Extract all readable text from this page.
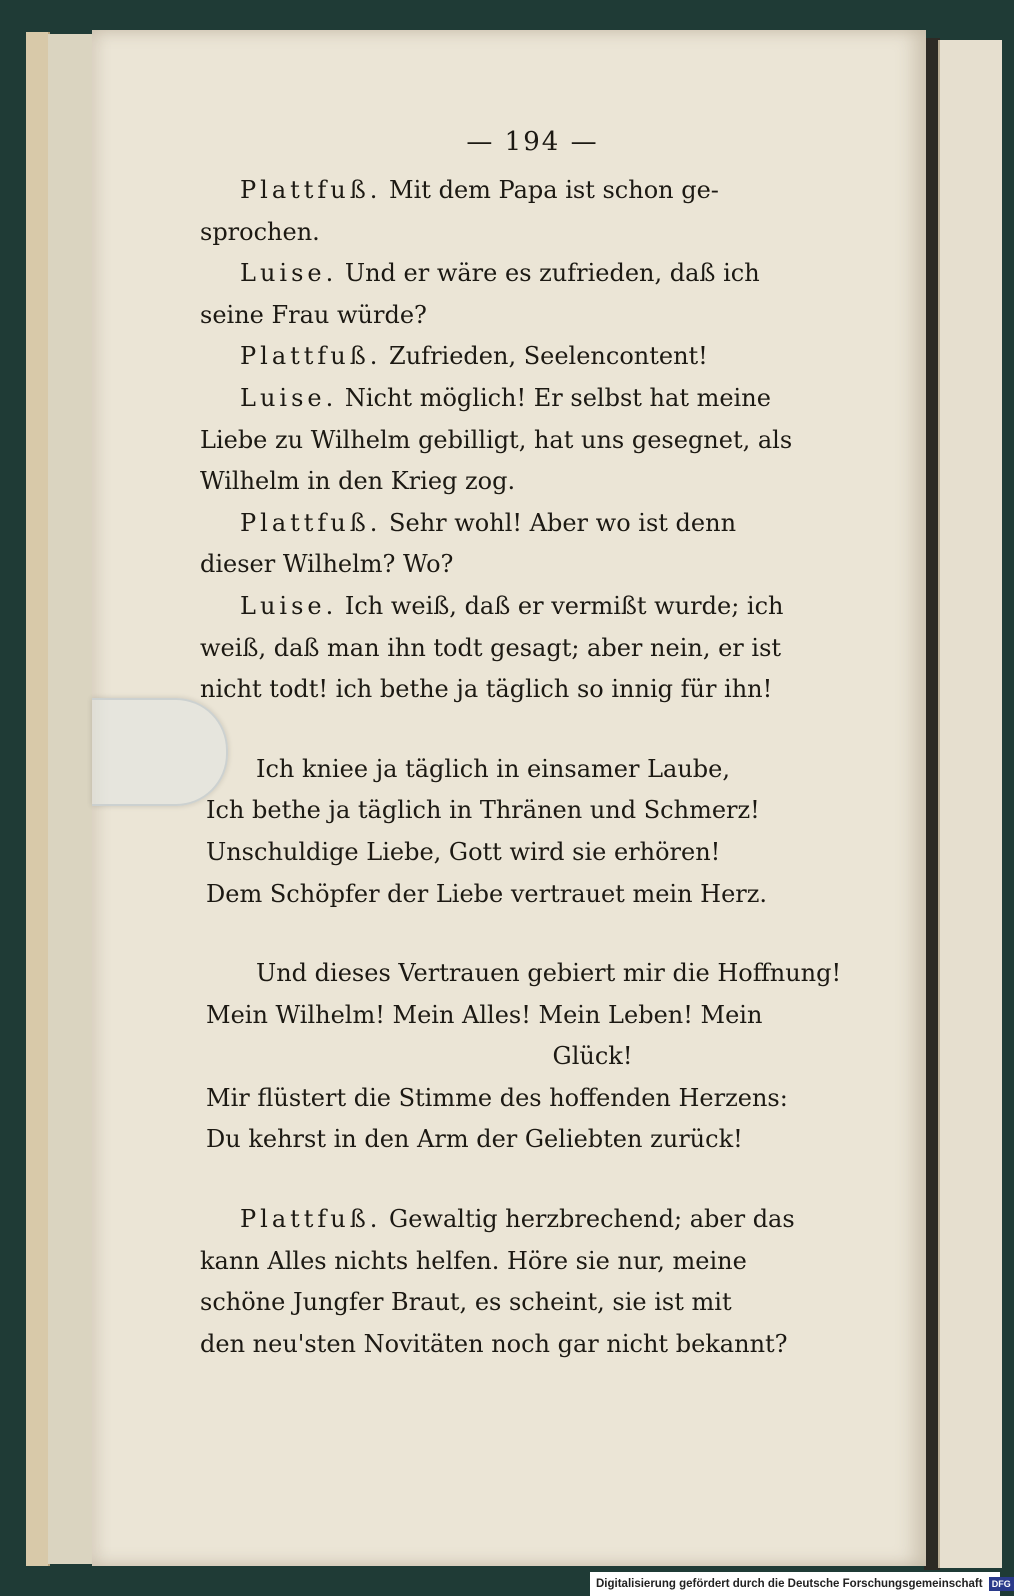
— 194 —
Plattfuß. Mit dem Papa ist schon ge-
sprochen.
Luise. Und er wäre es zufrieden, daß ich
seine Frau würde?
Plattfuß. Zufrieden, Seelencontent!
Luise. Nicht möglich! Er selbst hat meine
Liebe zu Wilhelm gebilligt, hat uns gesegnet, als
Wilhelm in den Krieg zog.
Plattfuß. Sehr wohl! Aber wo ist denn
dieser Wilhelm? Wo?
Luise. Ich weiß, daß er vermißt wurde; ich
weiß, daß man ihn todt gesagt; aber nein, er ist
nicht todt! ich bethe ja täglich so innig für ihn!
Ich kniee ja täglich in einsamer Laube,
Ich bethe ja täglich in Thränen und Schmerz!
Unschuldige Liebe, Gott wird sie erhören!
Dem Schöpfer der Liebe vertrauet mein Herz.
Und dieses Vertrauen gebiert mir die Hoffnung!
Mein Wilhelm! Mein Alles! Mein Leben! Mein
Glück!
Mir flüstert die Stimme des hoffenden Herzens:
Du kehrst in den Arm der Geliebten zurück!
Plattfuß. Gewaltig herzbrechend; aber das
kann Alles nichts helfen. Höre sie nur, meine
schöne Jungfer Braut, es scheint, sie ist mit
den neu'sten Novitäten noch gar nicht bekannt?
Digitalisierung gefördert durch die Deutsche Forschungsgemeinschaft DFG
